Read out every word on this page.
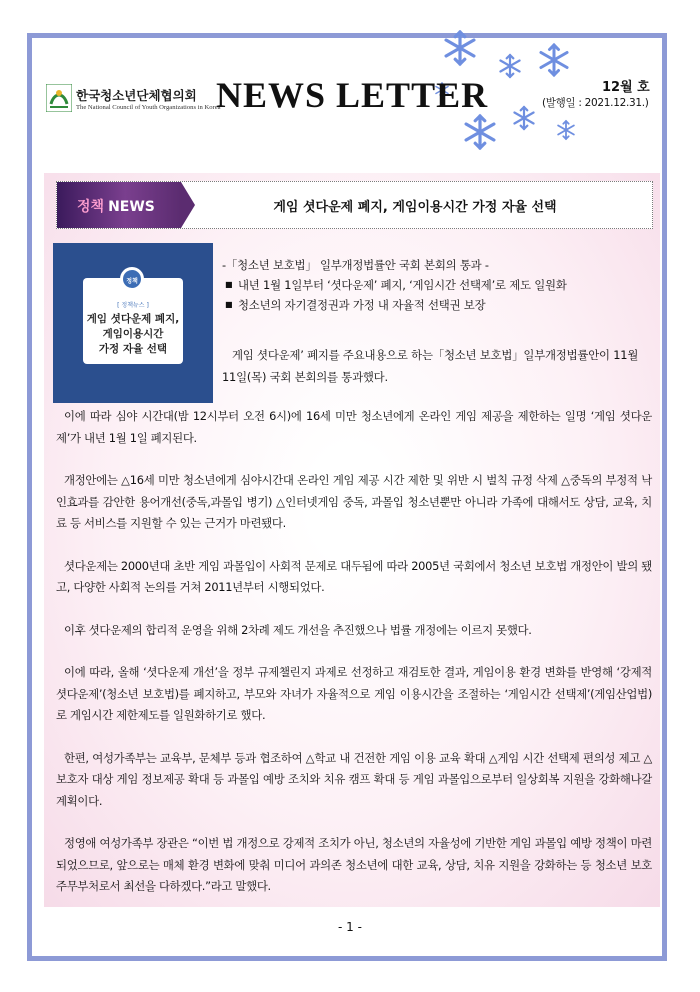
한국청소년단체협의회
The National Council of Youth Organizations in Korea
NEWS LETTER	12월 호
(발행일 : 2021.12.31.)
정책 NEWS	게임 셧다운제 폐지, 게임이용시간 가정 자율 선택
[ 정책뉴스 ]
게임 셧다운제 폐지,
게임이용시간
가정 자율 선택
정책
-「청소년 보호법」 일부개정법률안 국회 본회의 통과 -
■ 내년 1월 1일부터 ‘셧다운제’ 폐지, ‘게임시간 선택제’로 제도 일원화
■ 청소년의 자기결정권과 가정 내 자율적 선택권 보장
게임 셧다운제’ 폐지를 주요내용으로 하는「청소년 보호법」일부개정법률안이 11월 11일(목) 국회 본회의를 통과했다.

이에 따라 심야 시간대(밤 12시부터 오전 6시)에 16세 미만 청소년에게 온라인 게임 제공을 제한하는 일명 ‘게임 셧다운제’가 내년 1월 1일 폐지된다.

개정안에는 △16세 미만 청소년에게 심야시간대 온라인 게임 제공 시간 제한 및 위반 시 벌칙 규정 삭제 △중독의 부정적 낙인효과를 감안한 용어개선(중독,과몰입 병기) △인터넷게임 중독, 과몰입 청소년뿐만 아니라 가족에 대해서도 상담, 교육, 치료 등 서비스를 지원할 수 있는 근거가 마련됐다.

셧다운제는 2000년대 초반 게임 과몰입이 사회적 문제로 대두됨에 따라 2005년 국회에서 청소년 보호법 개정안이 발의 됐고, 다양한 사회적 논의를 거쳐 2011년부터 시행되었다.

이후 셧다운제의 합리적 운영을 위해 2차례 제도 개선을 추진했으나 법률 개정에는 이르지 못했다.

이에 따라, 올해 ‘셧다운제 개선’을 정부 규제챌린지 과제로 선정하고 재검토한 결과, 게임이용 환경 변화를 반영해 ‘강제적 셧다운제’(청소년 보호법)를 폐지하고, 부모와 자녀가 자율적으로 게임 이용시간을 조절하는 ‘게임시간 선택제’(게임산업법)로 게임시간 제한제도를 일원화하기로 했다.

한편, 여성가족부는 교육부, 문체부 등과 협조하여 △학교 내 건전한 게임 이용 교육 확대 △게임 시간 선택제 편의성 제고 △보호자 대상 게임 정보제공 확대 등 과몰입 예방 조치와 치유 캠프 확대 등 게임 과몰입으로부터 일상회복 지원을 강화해나갈 계획이다.

정영애 여성가족부 장관은 “이번 법 개정으로 강제적 조치가 아닌, 청소년의 자율성에 기반한 게임 과몰입 예방 정책이 마련되었으므로, 앞으로는 매체 환경 변화에 맞춰 미디어 과의존 청소년에 대한 교육, 상담, 치유 지원을 강화하는 등 청소년 보호 주무부처로서 최선을 다하겠다.”라고 말했다.

- 1 -
